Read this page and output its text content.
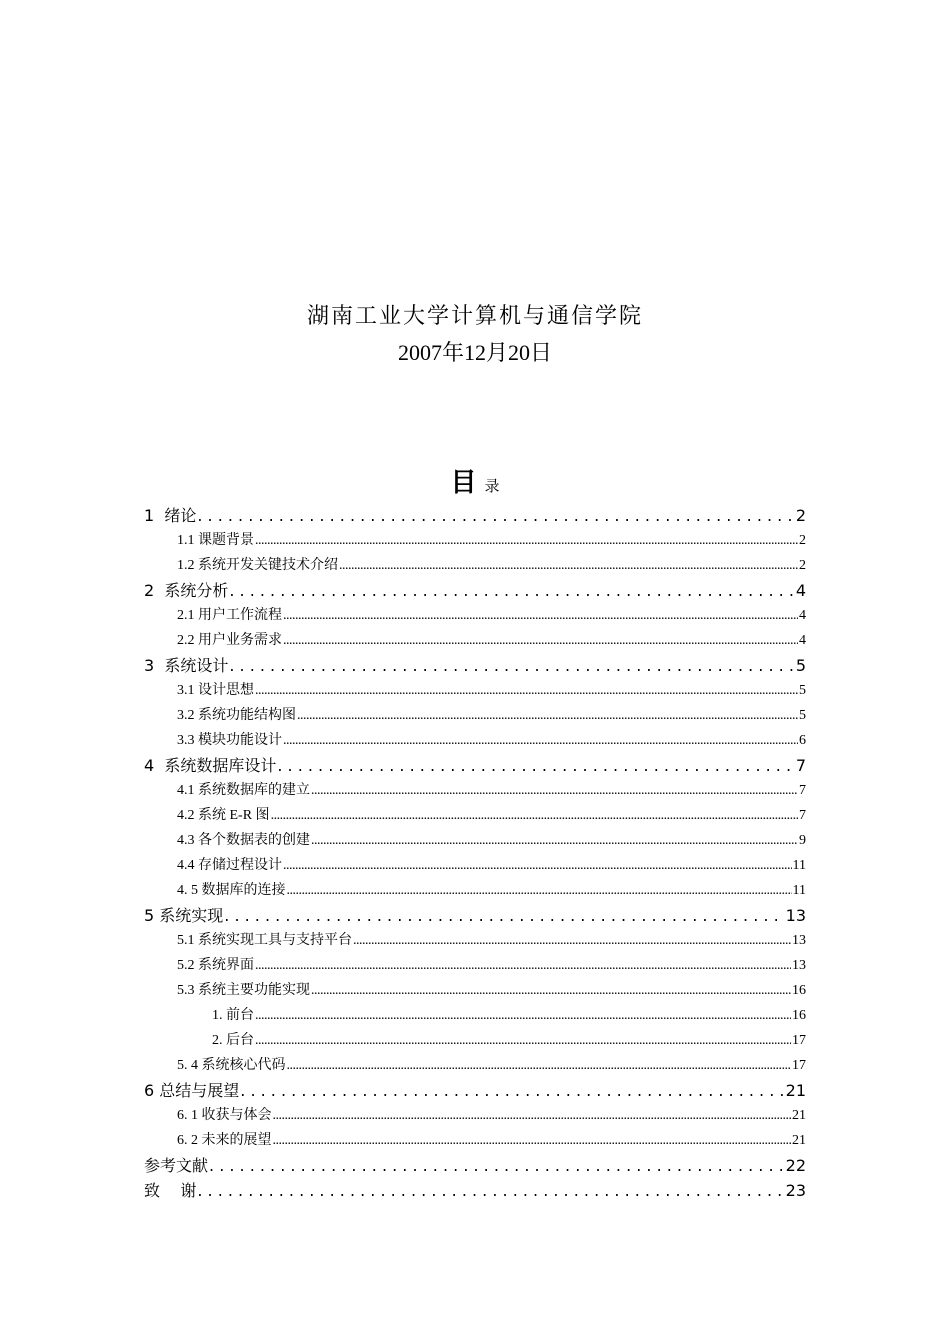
湖南工业大学计算机与通信学院
2007年12月20日
目录
1  绪论 . . .	2
1.1 课题背景 .....	2
1.2 系统开发关键技术介绍 .....	2
2  系统分析 . . .	4
2.1 用户工作流程 .....	4
2.2 用户业务需求 .....	4
3  系统设计 . . .	5
3.1 设计思想 .....	5
3.2 系统功能结构图 .....	5
3.3 模块功能设计 .....	6
4  系统数据库设计 . . .	7
4.1 系统数据库的建立 .....	7
4.2 系统 E-R 图 .....	7
4.3 各个数据表的创建 .....	9
4.4 存储过程设计 .....	11
4. 5 数据库的连接 .....	11
5 系统实现 . . .	13
5.1 系统实现工具与支持平台 .....	13
5.2 系统界面 .....	13
5.3 系统主要功能实现 .....	16
1. 前台 .....	16
2. 后台 .....	17
5. 4 系统核心代码 .....	17
6 总结与展望 . . .	21
6. 1 收获与体会 .....	21
6. 2 未来的展望 .....	21
参考文献 . . .	22
致    谢 . . .	23
